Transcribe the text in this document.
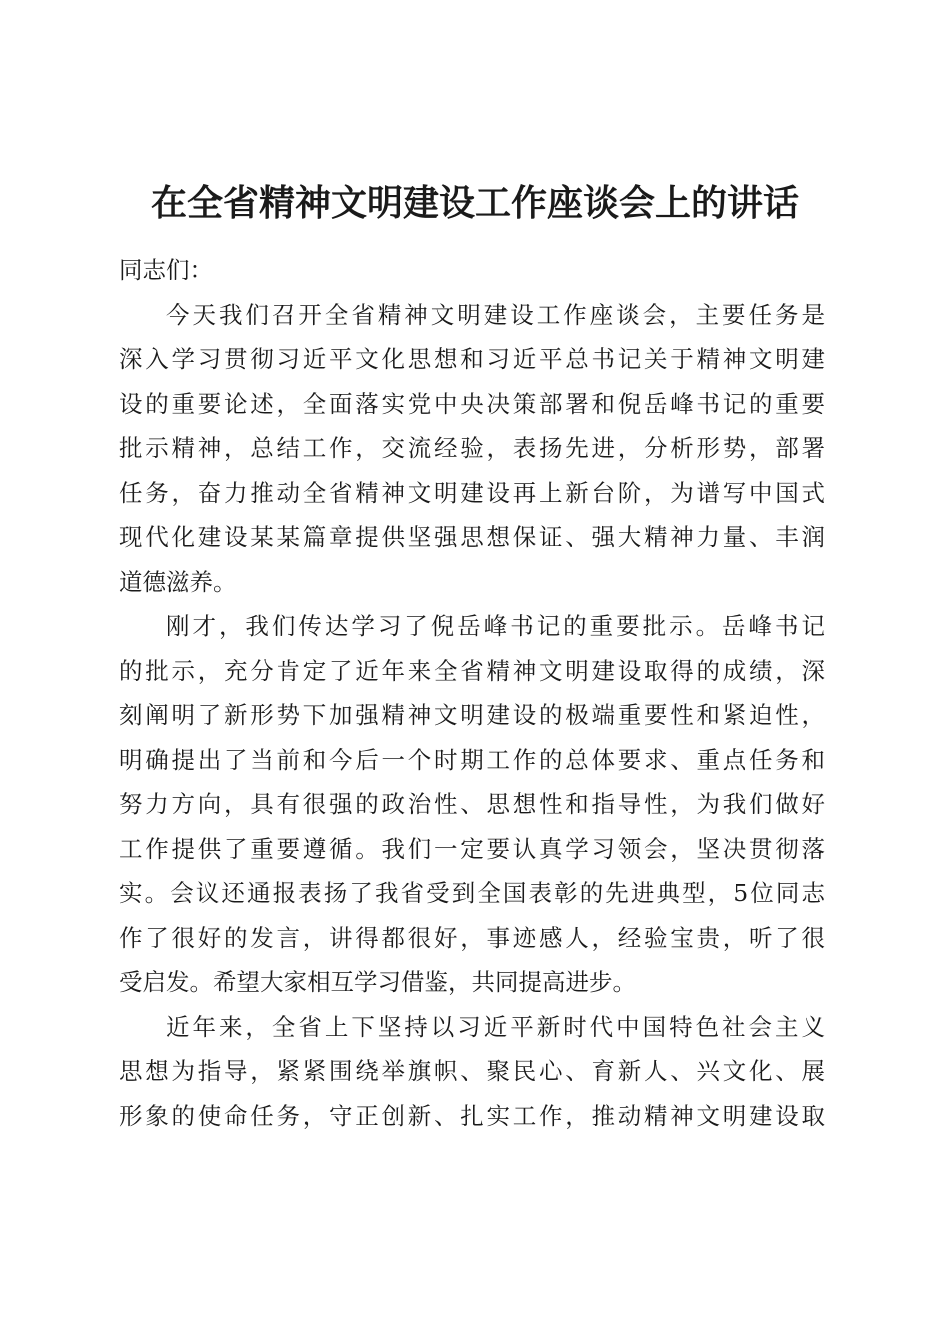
在全省精神文明建设工作座谈会上的讲话

同志们：

今天我们召开全省精神文明建设工作座谈会，主要任务是
深入学习贯彻习近平文化思想和习近平总书记关于精神文明建
设的重要论述，全面落实党中央决策部署和倪岳峰书记的重要
批示精神，总结工作，交流经验，表扬先进，分析形势，部署
任务，奋力推动全省精神文明建设再上新台阶，为谱写中国式
现代化建设某某篇章提供坚强思想保证、强大精神力量、丰润
道德滋养。

刚才，我们传达学习了倪岳峰书记的重要批示。岳峰书记
的批示，充分肯定了近年来全省精神文明建设取得的成绩，深
刻阐明了新形势下加强精神文明建设的极端重要性和紧迫性，
明确提出了当前和今后一个时期工作的总体要求、重点任务和
努力方向，具有很强的政治性、思想性和指导性，为我们做好
工作提供了重要遵循。我们一定要认真学习领会，坚决贯彻落
实。会议还通报表扬了我省受到全国表彰的先进典型，5位同志
作了很好的发言，讲得都很好，事迹感人，经验宝贵，听了很
受启发。希望大家相互学习借鉴，共同提高进步。

近年来，全省上下坚持以习近平新时代中国特色社会主义
思想为指导，紧紧围绕举旗帜、聚民心、育新人、兴文化、展
形象的使命任务，守正创新、扎实工作，推动精神文明建设取
